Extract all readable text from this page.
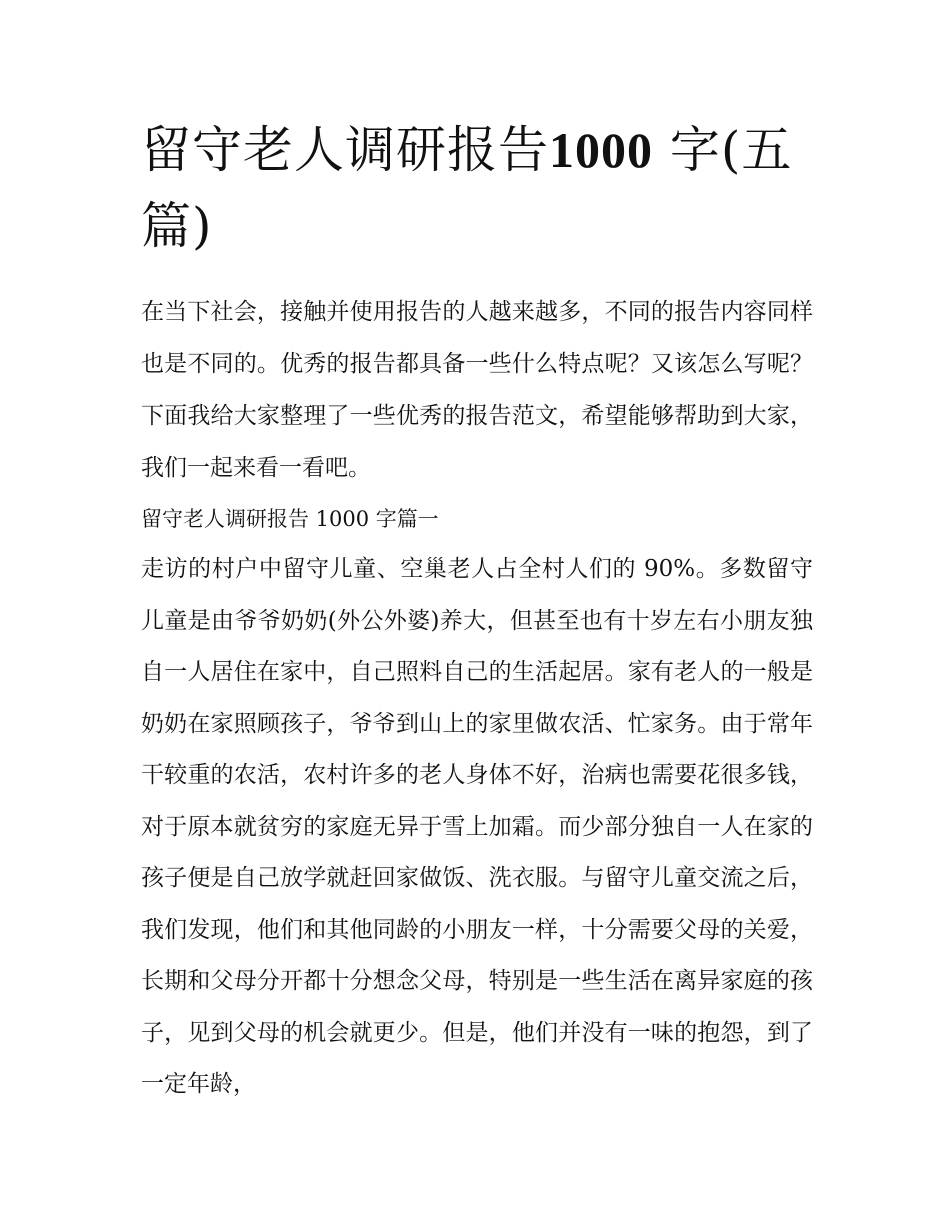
留守老人调研报告1000 字(五篇)

在当下社会，接触并使用报告的人越来越多，不同的报告内容同样也是不同的。优秀的报告都具备一些什么特点呢？又该怎么写呢？下面我给大家整理了一些优秀的报告范文，希望能够帮助到大家，我们一起来看一看吧。

留守老人调研报告 1000 字篇一

走访的村户中留守儿童、空巢老人占全村人们的 90%。多数留守儿童是由爷爷奶奶(外公外婆)养大，但甚至也有十岁左右小朋友独自一人居住在家中，自己照料自己的生活起居。家有老人的一般是奶奶在家照顾孩子，爷爷到山上的家里做农活、忙家务。由于常年干较重的农活，农村许多的老人身体不好，治病也需要花很多钱，对于原本就贫穷的家庭无异于雪上加霜。而少部分独自一人在家的孩子便是自己放学就赶回家做饭、洗衣服。与留守儿童交流之后，我们发现，他们和其他同龄的小朋友一样，十分需要父母的关爱，长期和父母分开都十分想念父母，特别是一些生活在离异家庭的孩子，见到父母的机会就更少。但是，他们并没有一味的抱怨，到了一定年龄，
